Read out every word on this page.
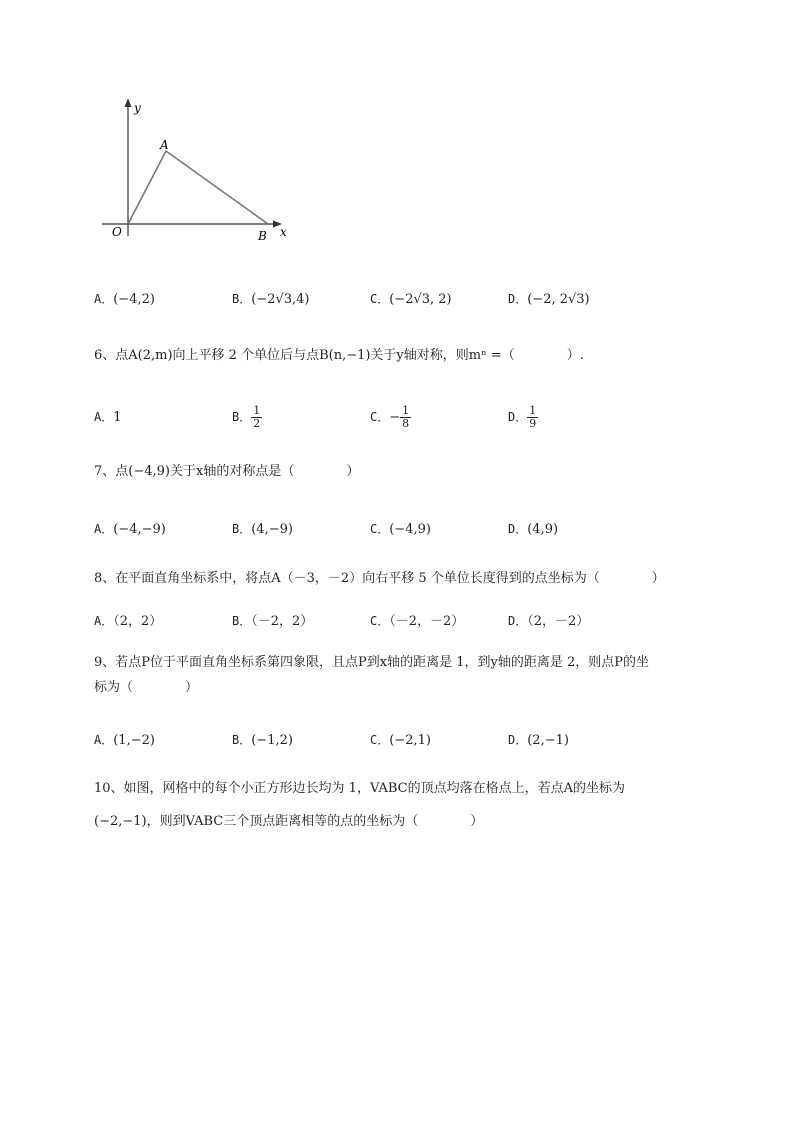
y
x
O
A
B
A．(−4,2)	B．(−2√3,4)	C．(−2√3, 2)	D．(−2, 2√3)
6、点A(2,m)向上平移 2 个单位后与点B(n,−1)关于y轴对称，则mⁿ =（　　　　）.
A．1	B． $\frac{1}{2}$	C．− $\frac{1}{8}$	D． $\frac{1}{9}$
7、点(−4,9)关于x轴的对称点是（　　　　）
A．(−4,−9)	B．(4,−9)	C．(−4,9)	D．(4,9)
8、在平面直角坐标系中，将点A（－3，－2）向右平移 5 个单位长度得到的点坐标为（　　　　）
A．（2，2）	B．（－2，2）	C．（－2，－2）	D．（2，－2）
9、若点P位于平面直角坐标系第四象限，且点P到x轴的距离是 1，到y轴的距离是 2，则点P的坐
标为（　　　　）
A．(1,−2)	B．(−1,2)	C．(−2,1)	D．(2,−1)
10、如图，网格中的每个小正方形边长均为 1，VABC的顶点均落在格点上，若点A的坐标为
(−2,−1)，则到VABC三个顶点距离相等的点的坐标为（　　　　）
